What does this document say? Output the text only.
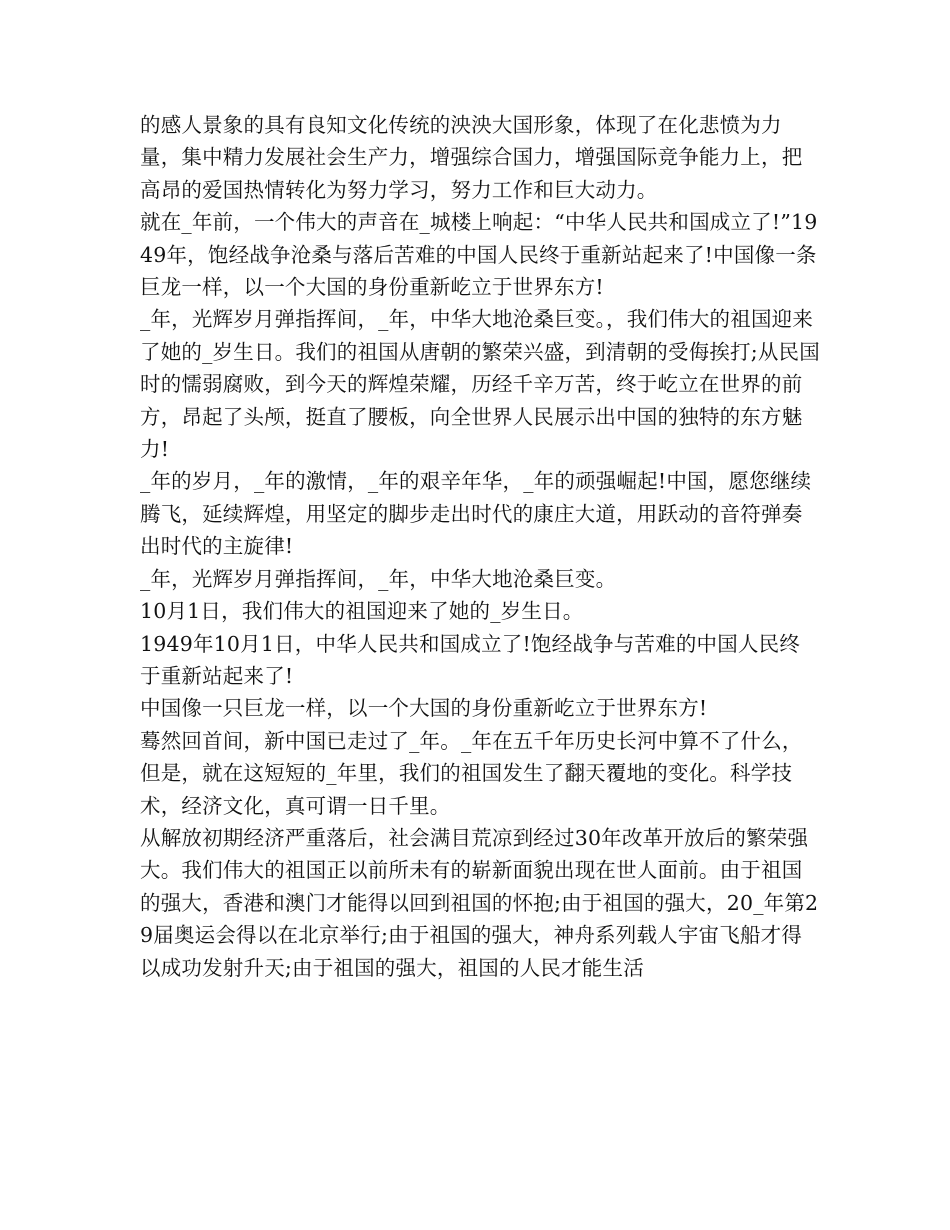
的感人景象的具有良知文化传统的泱泱大国形象，体现了在化悲愤为力量，集中精力发展社会生产力，增强综合国力，增强国际竞争能力上，把高昂的爱国热情转化为努力学习，努力工作和巨大动力。

就在_年前，一个伟大的声音在_城楼上响起：“中华人民共和国成立了!”1949年，饱经战争沧桑与落后苦难的中国人民终于重新站起来了!中国像一条巨龙一样，以一个大国的身份重新屹立于世界东方!

_年，光辉岁月弹指挥间，_年，中华大地沧桑巨变。，我们伟大的祖国迎来了她的_岁生日。我们的祖国从唐朝的繁荣兴盛，到清朝的受侮挨打;从民国时的懦弱腐败，到今天的辉煌荣耀，历经千辛万苦，终于屹立在世界的前方，昂起了头颅，挺直了腰板，向全世界人民展示出中国的独特的东方魅力!

_年的岁月，_年的激情，_年的艰辛年华，_年的顽强崛起!中国，愿您继续腾飞，延续辉煌，用坚定的脚步走出时代的康庄大道，用跃动的音符弹奏出时代的主旋律!

_年，光辉岁月弹指挥间，_年，中华大地沧桑巨变。

10月1日，我们伟大的祖国迎来了她的_岁生日。

1949年10月1日，中华人民共和国成立了!饱经战争与苦难的中国人民终于重新站起来了!

中国像一只巨龙一样，以一个大国的身份重新屹立于世界东方!

蓦然回首间，新中国已走过了_年。_年在五千年历史长河中算不了什么，但是，就在这短短的_年里，我们的祖国发生了翻天覆地的变化。科学技术，经济文化，真可谓一日千里。

从解放初期经济严重落后，社会满目荒凉到经过30年改革开放后的繁荣强大。我们伟大的祖国正以前所未有的崭新面貌出现在世人面前。由于祖国的强大，香港和澳门才能得以回到祖国的怀抱;由于祖国的强大，20_年第29届奥运会得以在北京举行;由于祖国的强大，神舟系列载人宇宙飞船才得以成功发射升天;由于祖国的强大，祖国的人民才能生活
